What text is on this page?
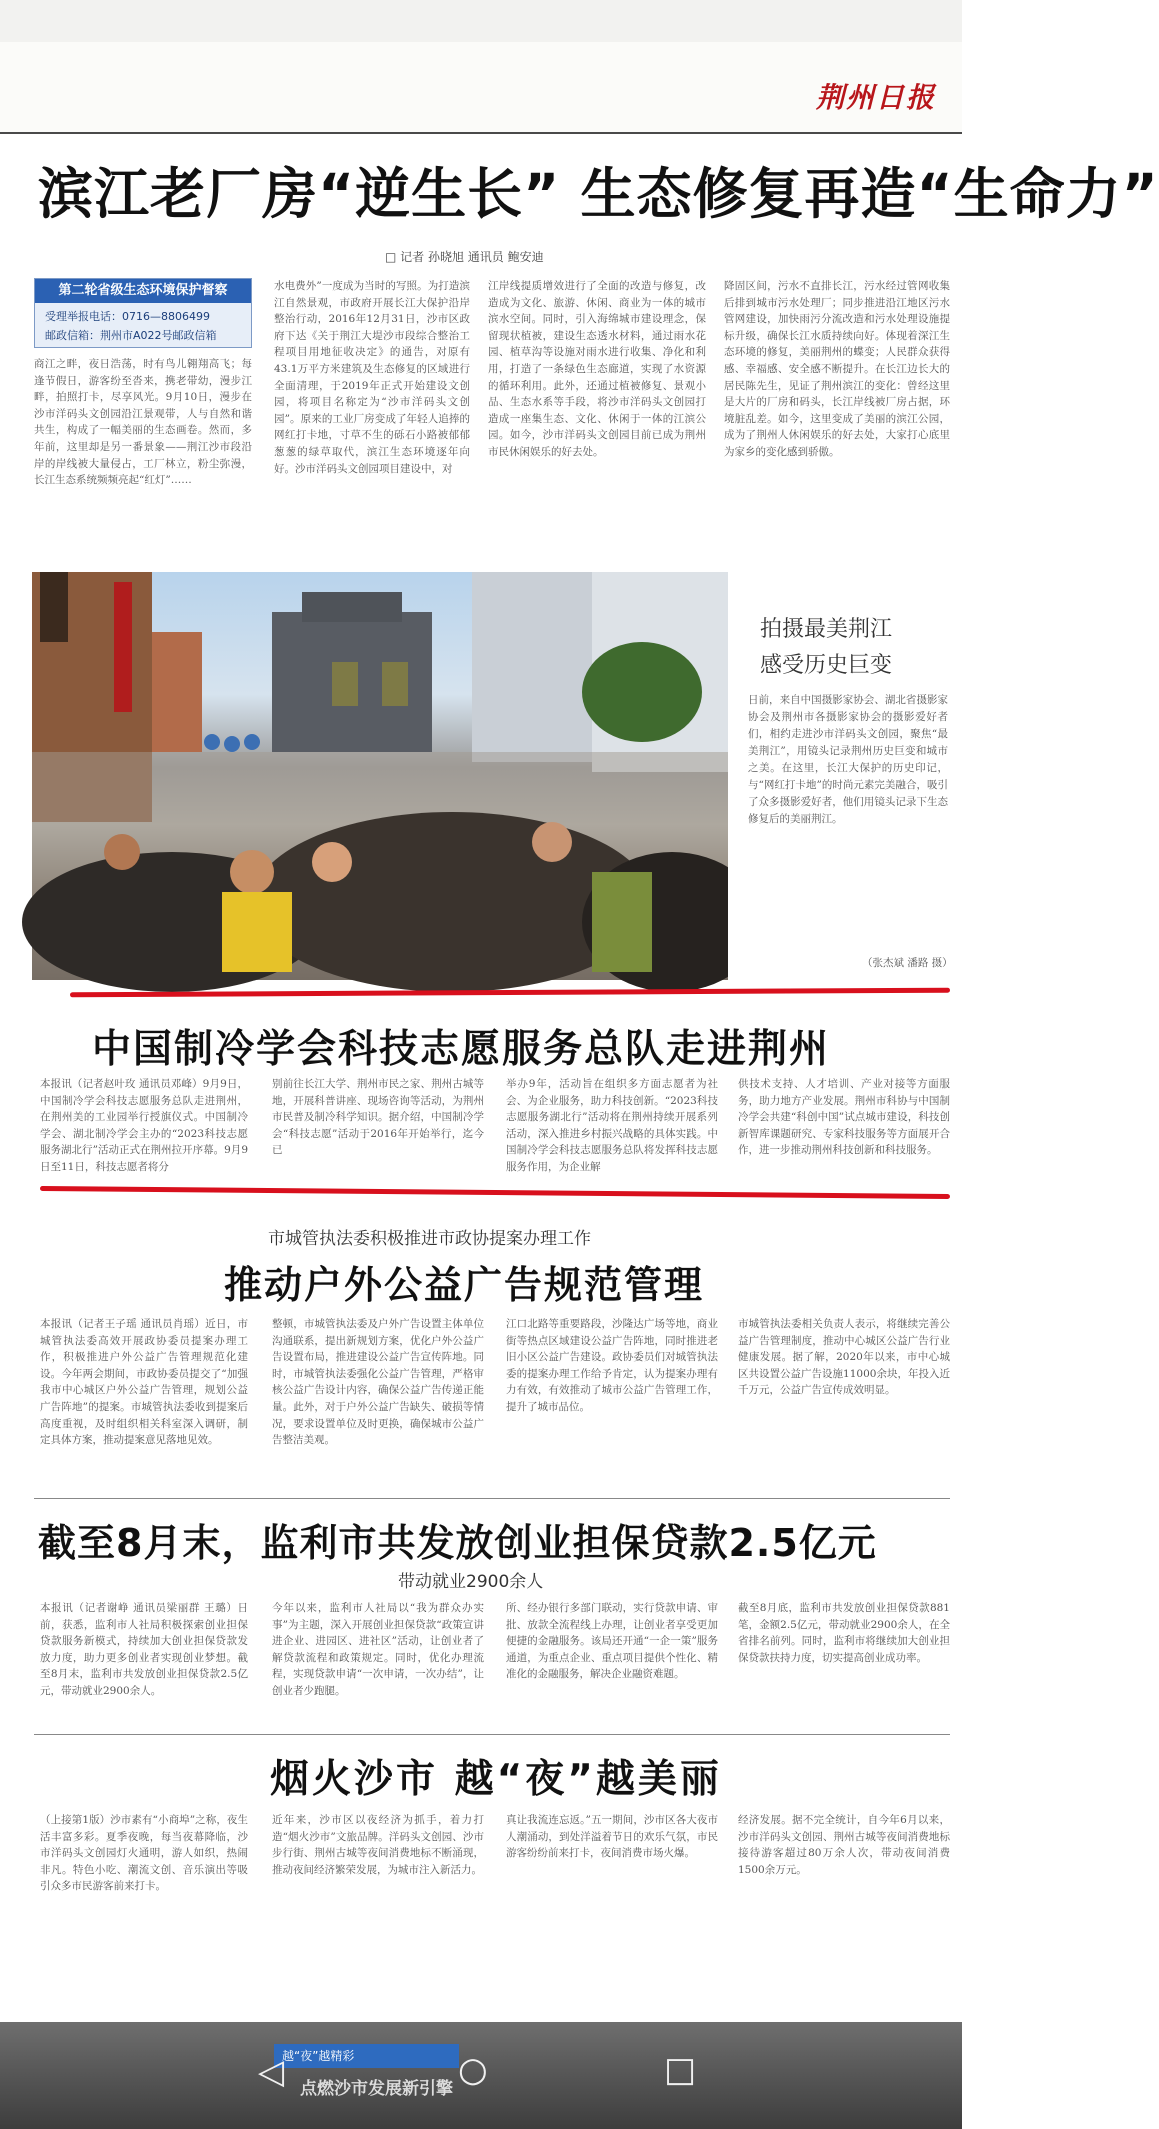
荆州日报
滨江老厂房“逆生长” 生态修复再造“生命力”
□ 记者 孙晓旭 通讯员 鲍安迪
第二轮省级生态环境保护督察
受理举报电话：0716—8806499
邮政信箱：荆州市A022号邮政信箱
商江之畔，夜日浩荡，时有鸟儿翱翔高飞；每逢节假日，游客纷至沓来，携老带幼，漫步江畔，拍照打卡，尽享风光。9月10日，漫步在沙市洋码头文创园沿江景观带，人与自然和谐共生，构成了一幅美丽的生态画卷。然而，多年前，这里却是另一番景象——荆江沙市段沿岸的岸线被大量侵占，工厂林立，粉尘弥漫，长江生态系统频频亮起“红灯”……
水电费外”一度成为当时的写照。为打造滨江自然景观，市政府开展长江大保护沿岸整治行动，2016年12月31日，沙市区政府下达《关于荆江大堤沙市段综合整治工程项目用地征收决定》的通告，对原有43.1万平方米建筑及生态修复的区域进行全面清理，于2019年正式开始建设文创园，将项目名称定为“沙市洋码头文创园”。原来的工业厂房变成了年轻人追捧的网红打卡地，寸草不生的砾石小路被郁郁葱葱的绿草取代，滨江生态环境逐年向好。沙市洋码头文创园项目建设中，对
江岸线提质增效进行了全面的改造与修复，改造成为文化、旅游、休闲、商业为一体的城市滨水空间。同时，引入海绵城市建设理念，保留现状植被，建设生态透水材料，通过雨水花园、植草沟等设施对雨水进行收集、净化和利用，打造了一条绿色生态廊道，实现了水资源的循环利用。此外，还通过植被修复、景观小品、生态水系等手段，将沙市洋码头文创园打造成一座集生态、文化、休闲于一体的江滨公园。如今，沙市洋码头文创园目前已成为荆州市民休闲娱乐的好去处。
降固区间，污水不直排长江，污水经过管网收集后排到城市污水处理厂；同步推进沿江地区污水管网建设，加快雨污分流改造和污水处理设施提标升级，确保长江水质持续向好。体现着深江生态环境的修复，美丽荆州的蝶变；人民群众获得感、幸福感、安全感不断提升。在长江边长大的居民陈先生，见证了荆州滨江的变化：曾经这里是大片的厂房和码头，长江岸线被厂房占据，环境脏乱差。如今，这里变成了美丽的滨江公园，成为了荆州人休闲娱乐的好去处，大家打心底里为家乡的变化感到骄傲。
拍摄最美荆江
感受历史巨变
日前，来自中国摄影家协会、湖北省摄影家协会及荆州市各摄影家协会的摄影爱好者们，相约走进沙市洋码头文创园，聚焦“最美荆江”，用镜头记录荆州历史巨变和城市之美。在这里，长江大保护的历史印记，与“网红打卡地”的时尚元素完美融合，吸引了众多摄影爱好者，他们用镜头记录下生态修复后的美丽荆江。
（张杰斌 潘路 摄）
中国制冷学会科技志愿服务总队走进荆州
本报讯（记者赵叶玫 通讯员邓峰）9月9日，中国制冷学会科技志愿服务总队走进荆州，在荆州美的工业园举行授旗仪式。中国制冷学会、湖北制冷学会主办的“2023科技志愿服务湖北行”活动正式在荆州拉开序幕。9月9日至11日，科技志愿者将分
别前往长江大学、荆州市民之家、荆州古城等地，开展科普讲座、现场咨询等活动，为荆州市民普及制冷科学知识。据介绍，中国制冷学会“科技志愿”活动于2016年开始举行，迄今已
举办9年，活动旨在组织多方面志愿者为社会、为企业服务，助力科技创新。“2023科技志愿服务湖北行”活动将在荆州持续开展系列活动，深入推进乡村振兴战略的具体实践。中国制冷学会科技志愿服务总队将发挥科技志愿服务作用，为企业解
供技术支持、人才培训、产业对接等方面服务，助力地方产业发展。荆州市科协与中国制冷学会共建“科创中国”试点城市建设，科技创新智库课题研究、专家科技服务等方面展开合作，进一步推动荆州科技创新和科技服务。
市城管执法委积极推进市政协提案办理工作
推动户外公益广告规范管理
本报讯（记者王子瑶 通讯员肖瑶）近日，市城管执法委高效开展政协委员提案办理工作，积极推进户外公益广告管理规范化建设。今年两会期间，市政协委员提交了“加强我市中心城区户外公益广告管理，规划公益广告阵地”的提案。市城管执法委收到提案后高度重视，及时组织相关科室深入调研，制定具体方案，推动提案意见落地见效。
整顿，市城管执法委及户外广告设置主体单位沟通联系，提出新规划方案，优化户外公益广告设置布局，推进建设公益广告宣传阵地。同时，市城管执法委强化公益广告管理，严格审核公益广告设计内容，确保公益广告传递正能量。此外，对于户外公益广告缺失、破损等情况，要求设置单位及时更换，确保城市公益广告整洁美观。
江口北路等重要路段，沙隆达广场等地，商业街等热点区域建设公益广告阵地，同时推进老旧小区公益广告建设。政协委员们对城管执法委的提案办理工作给予肯定，认为提案办理有力有效，有效推动了城市公益广告管理工作，提升了城市品位。
市城管执法委相关负责人表示，将继续完善公益广告管理制度，推动中心城区公益广告行业健康发展。据了解，2020年以来，市中心城区共设置公益广告设施11000余块，年投入近千万元，公益广告宣传成效明显。
截至8月末，监利市共发放创业担保贷款2.5亿元
带动就业2900余人
本报讯（记者谢峥 通讯员梁丽群 王璐）日前，获悉，监利市人社局积极探索创业担保贷款服务新模式，持续加大创业担保贷款发放力度，助力更多创业者实现创业梦想。截至8月末，监利市共发放创业担保贷款2.5亿元，带动就业2900余人。
今年以来，监利市人社局以“我为群众办实事”为主题，深入开展创业担保贷款“政策宣讲进企业、进园区、进社区”活动，让创业者了解贷款流程和政策规定。同时，优化办理流程，实现贷款申请“一次申请，一次办结”，让创业者少跑腿。
所、经办银行多部门联动，实行贷款申请、审批、放款全流程线上办理，让创业者享受更加便捷的金融服务。该局还开通“一企一策”服务通道，为重点企业、重点项目提供个性化、精准化的金融服务，解决企业融资难题。
截至8月底，监利市共发放创业担保贷款881笔，金额2.5亿元，带动就业2900余人，在全省排名前列。同时，监利市将继续加大创业担保贷款扶持力度，切实提高创业成功率。
烟火沙市 越“夜”越美丽
（上接第1版）沙市素有“小商埠”之称，夜生活丰富多彩。夏季夜晚，每当夜幕降临，沙市洋码头文创园灯火通明，游人如织，热闹非凡。特色小吃、潮流文创、音乐演出等吸引众多市民游客前来打卡。
近年来，沙市区以夜经济为抓手，着力打造“烟火沙市”文旅品牌。洋码头文创园、沙市步行街、荆州古城等夜间消费地标不断涌现，推动夜间经济繁荣发展，为城市注入新活力。
真让我流连忘返。”五一期间，沙市区各大夜市人潮涌动，到处洋溢着节日的欢乐气氛，市民游客纷纷前来打卡，夜间消费市场火爆。
经济发展。据不完全统计，自今年6月以来，沙市洋码头文创园、荆州古城等夜间消费地标接待游客超过80万余人次，带动夜间消费1500余万元。
越“夜”越精彩
点燃沙市发展新引擎
◁	○	□
